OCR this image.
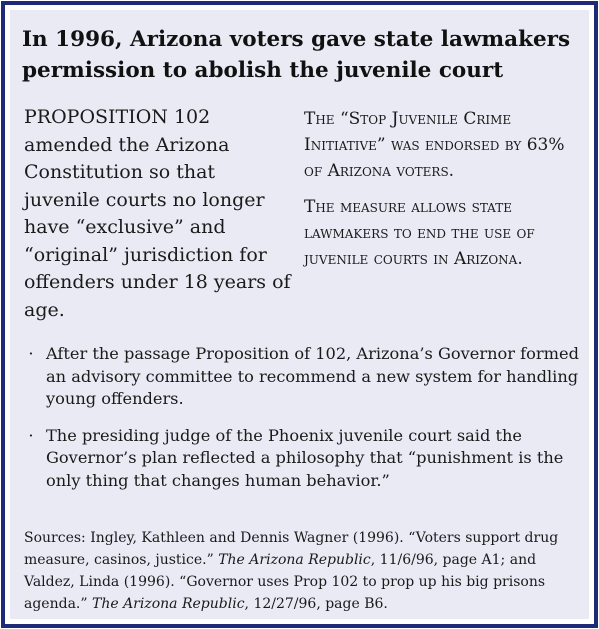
In 1996, Arizona voters gave state lawmakers permission to abolish the juvenile court

PROPOSITION 102 amended the Arizona Constitution so that juvenile courts no longer have “exclusive” and “original” jurisdiction for offenders under 18 years of age.

The “Stop Juvenile Crime Initiative” was endorsed by 63% of Arizona voters.

The measure allows state lawmakers to end the use of juvenile courts in Arizona.

· After the passage Proposition of 102, Arizona’s Governor formed an advisory committee to recommend a new system for handling young offenders.
· The presiding judge of the Phoenix juvenile court said the Governor’s plan reflected a philosophy that “punishment is the only thing that changes human behavior.”

Sources: Ingley, Kathleen and Dennis Wagner (1996). “Voters support drug measure, casinos, justice.” The Arizona Republic, 11/6/96, page A1; and Valdez, Linda (1996). “Governor uses Prop 102 to prop up his big prisons agenda.” The Arizona Republic, 12/27/96, page B6.
